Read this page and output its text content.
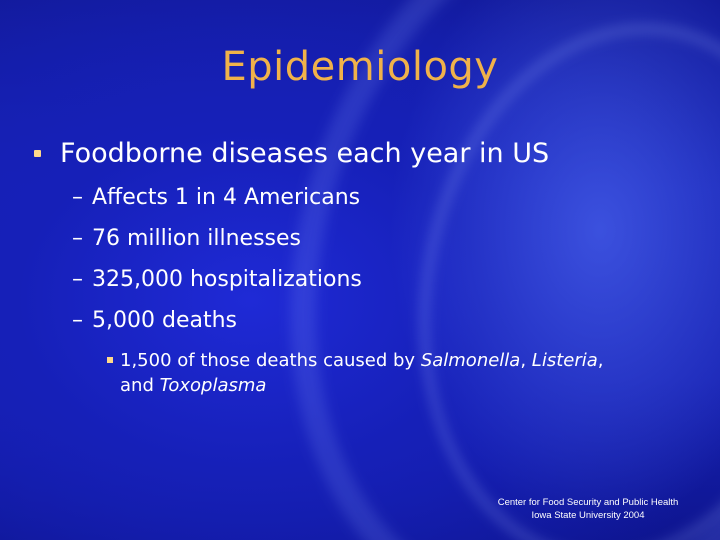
Epidemiology
Foodborne diseases each year in US
– Affects 1 in 4 Americans
– 76 million illnesses
– 325,000 hospitalizations
– 5,000 deaths
1,500 of those deaths caused by Salmonella, Listeria, and Toxoplasma
Center for Food Security and Public Health
Iowa State University 2004
